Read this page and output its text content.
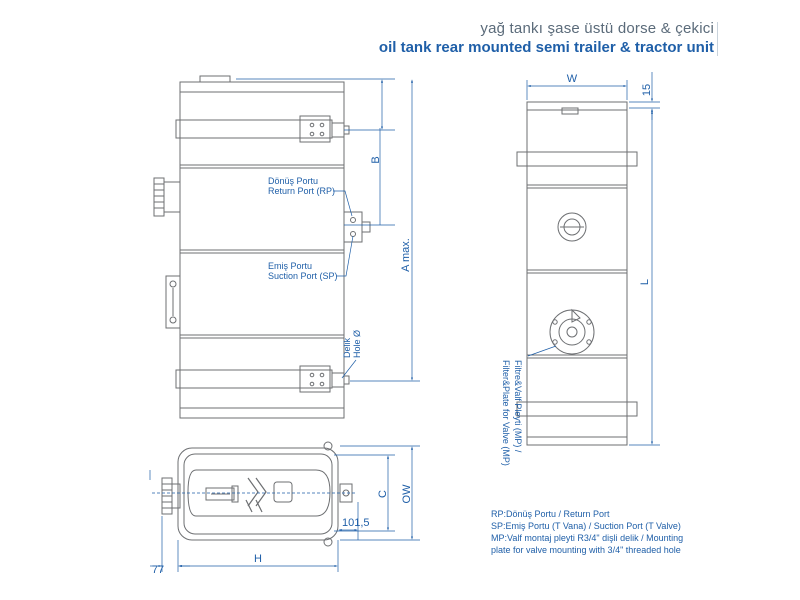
yağ tankı şase üstü dorse & çekici
oil tank rear mounted semi trailer & tractor unit
Dönüş Portu
Return Port (RP)
Emiş Portu
Suction Port (SP)
Delik Hole Ø
B
A max.
Filtre&Valf Pleyti (MP) /
Filter&Plate for Valve (MP)
W
15
L
C OW
101,5
77
H
RP:Dönüş Portu / Return Port
SP:Emiş Portu (T Vana) / Suction Port (T Valve)
MP:Valf montaj pleyti R3/4" dişli delik / Mounting
plate for valve mounting with 3/4" threaded hole
